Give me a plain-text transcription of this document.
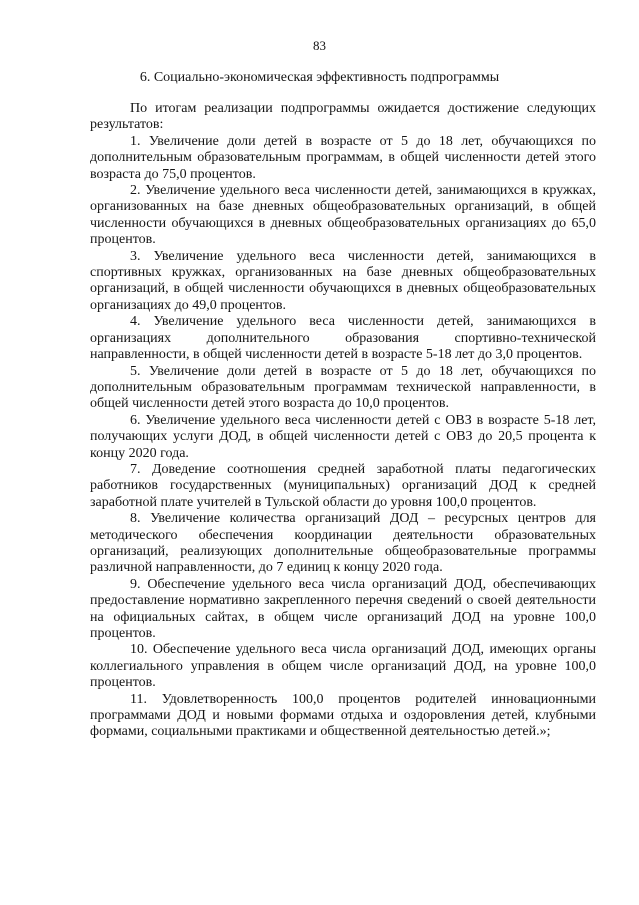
83
6. Социально-экономическая эффективность подпрограммы

По итогам реализации подпрограммы ожидается достижение следующих результатов:

1. Увеличение доли детей в возрасте от 5 до 18 лет, обучающихся по дополнительным образовательным программам, в общей численности детей этого возраста до 75,0 процентов.

2. Увеличение удельного веса численности детей, занимающихся в кружках, организованных на базе дневных общеобразовательных организаций, в общей численности обучающихся в дневных общеобразовательных организациях до 65,0 процентов.

3. Увеличение удельного веса численности детей, занимающихся в спортивных кружках, организованных на базе дневных общеобразовательных организаций, в общей численности обучающихся в дневных общеобразовательных организациях до 49,0 процентов.

4. Увеличение удельного веса численности детей, занимающихся в организациях дополнительного образования спортивно-технической направленности, в общей численности детей в возрасте 5-18 лет до 3,0 процентов.

5. Увеличение доли детей в возрасте от 5 до 18 лет, обучающихся по дополнительным образовательным программам технической направленности, в общей численности детей этого возраста до 10,0 процентов.

6. Увеличение удельного веса численности детей с ОВЗ в возрасте 5-18 лет, получающих услуги ДОД, в общей численности детей с ОВЗ до 20,5 процента к концу 2020 года.

7. Доведение соотношения средней заработной платы педагогических работников государственных (муниципальных) организаций ДОД к средней заработной плате учителей в Тульской области до уровня 100,0 процентов.

8. Увеличение количества организаций ДОД – ресурсных центров для методического обеспечения координации деятельности образовательных организаций, реализующих дополнительные общеобразовательные программы различной направленности, до 7 единиц к концу 2020 года.

9. Обеспечение удельного веса числа организаций ДОД, обеспечивающих предоставление нормативно закрепленного перечня сведений о своей деятельности на официальных сайтах, в общем числе организаций ДОД на уровне 100,0 процентов.

10. Обеспечение удельного веса числа организаций ДОД, имеющих органы коллегиального управления в общем числе организаций ДОД, на уровне 100,0 процентов.

11. Удовлетворенность 100,0 процентов родителей инновационными программами ДОД и новыми формами отдыха и оздоровления детей, клубными формами, социальными практиками и общественной деятельностью детей.»;
